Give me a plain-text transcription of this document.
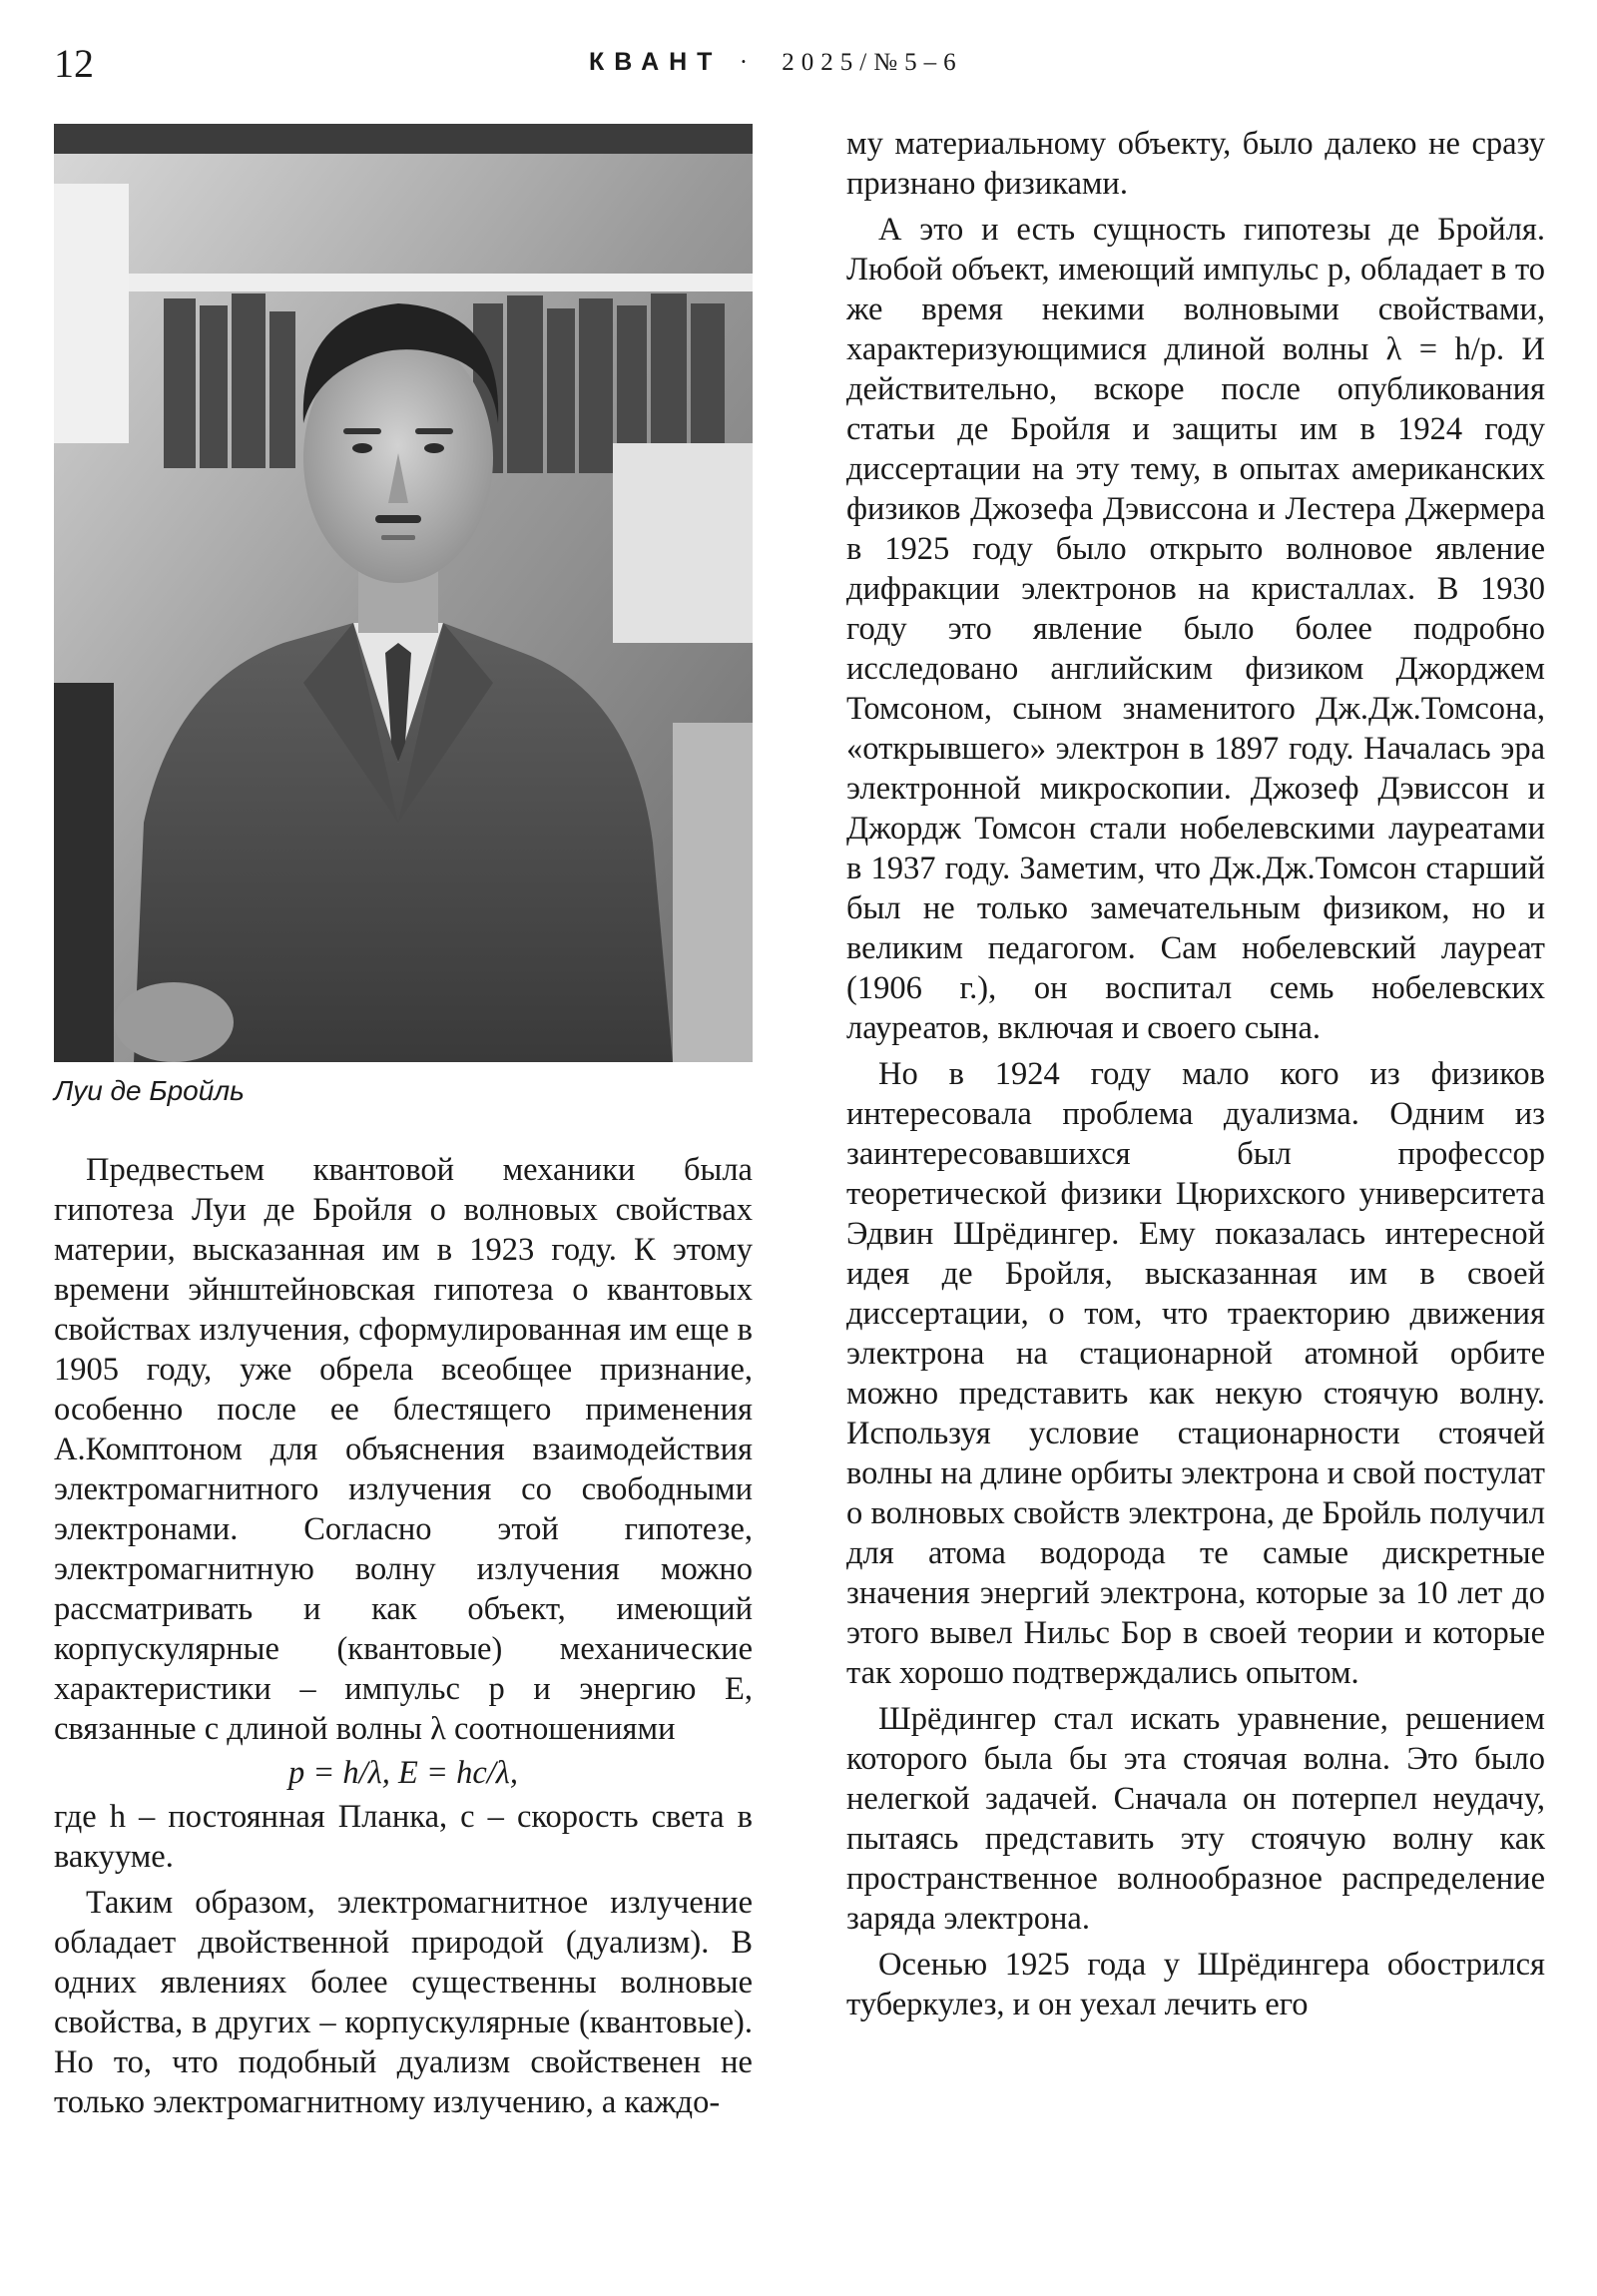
12	КВАНТ · 2025/№5–6
Луи де Бройль

Предвестьем квантовой механики была гипотеза Луи де Бройля о волновых свойствах материи, высказанная им в 1923 году. К этому времени эйнштейновская гипотеза о квантовых свойствах излучения, сформулированная им еще в 1905 году, уже обрела всеобщее признание, особенно после ее блестящего применения А.Комптоном для объяснения взаимодействия электромагнитного излучения со свободными электронами. Согласно этой гипотезе, электромагнитную волну излучения можно рассматривать и как объект, имеющий корпускулярные (квантовые) механические характеристики – импульс p и энергию E, связанные с длиной волны λ соотношениями

p = h/λ, E = hc/λ,

где h – постоянная Планка, c – скорость света в вакууме.

Таким образом, электромагнитное излучение обладает двойственной природой (дуализм). В одних явлениях более существенны волновые свойства, в других – корпускулярные (квантовые). Но то, что подобный дуализм свойственен не только электромагнитному излучению, а каждо-

му материальному объекту, было далеко не сразу признано физиками.

А это и есть сущность гипотезы де Бройля. Любой объект, имеющий импульс p, обладает в то же время некими волновыми свойствами, характеризующимися длиной волны λ = h/p. И действительно, вскоре после опубликования статьи де Бройля и защиты им в 1924 году диссертации на эту тему, в опытах американских физиков Джозефа Дэвиссона и Лестера Джермера в 1925 году было открыто волновое явление дифракции электронов на кристаллах. В 1930 году это явление было более подробно исследовано английским физиком Джорджем Томсоном, сыном знаменитого Дж.Дж.Томсона, «открывшего» электрон в 1897 году. Началась эра электронной микроскопии. Джозеф Дэвиссон и Джордж Томсон стали нобелевскими лауреатами в 1937 году. Заметим, что Дж.Дж.Томсон старший был не только замечательным физиком, но и великим педагогом. Сам нобелевский лауреат (1906 г.), он воспитал семь нобелевских лауреатов, включая и своего сына.

Но в 1924 году мало кого из физиков интересовала проблема дуализма. Одним из заинтересовавшихся был профессор теоретической физики Цюрихского университета Эдвин Шрёдингер. Ему показалась интересной идея де Бройля, высказанная им в своей диссертации, о том, что траекторию движения электрона на стационарной атомной орбите можно представить как некую стоячую волну. Используя условие стационарности стоячей волны на длине орбиты электрона и свой постулат о волновых свойств электрона, де Бройль получил для атома водорода те самые дискретные значения энергий электрона, которые за 10 лет до этого вывел Нильс Бор в своей теории и которые так хорошо подтверждались опытом.

Шрёдингер стал искать уравнение, решением которого была бы эта стоячая волна. Это было нелегкой задачей. Сначала он потерпел неудачу, пытаясь представить эту стоячую волну как пространственное волнообразное распределение заряда электрона.

Осенью 1925 года у Шрёдингера обострился туберкулез, и он уехал лечить его
